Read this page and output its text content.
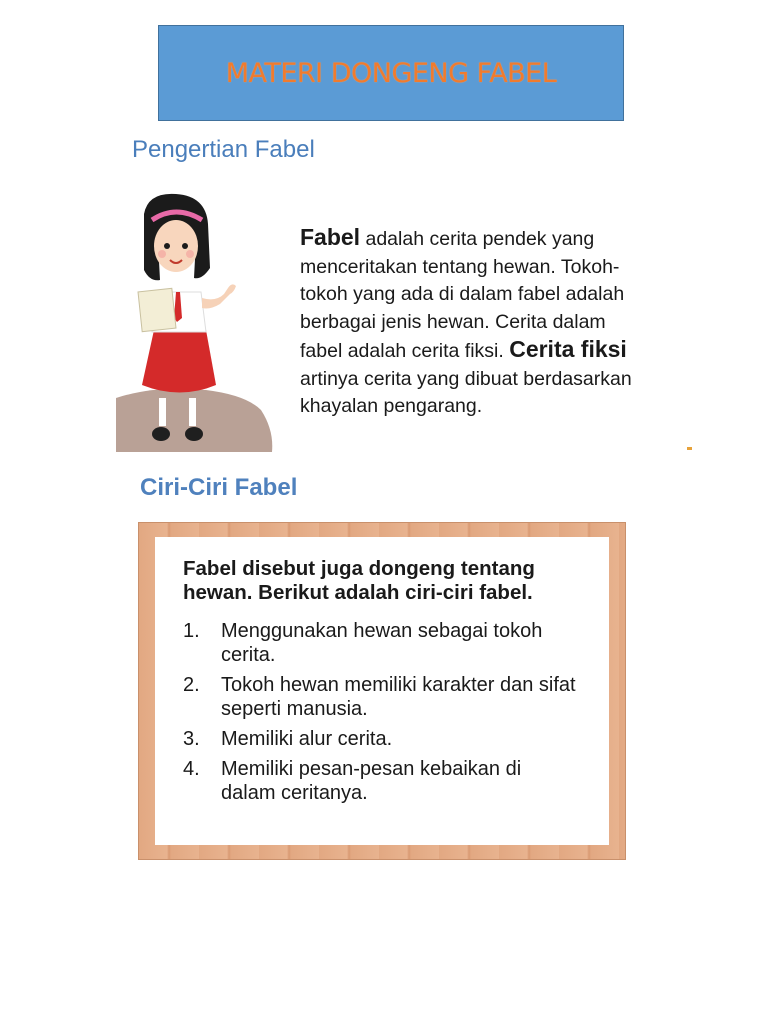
MATERI DONGENG FABEL
Pengertian Fabel

Fabel adalah cerita pendek yang menceritakan tentang hewan. Tokoh-tokoh yang ada di dalam fabel adalah berbagai jenis hewan. Cerita dalam fabel adalah cerita fiksi. Cerita fiksi artinya cerita yang dibuat berdasarkan khayalan pengarang.

Ciri-Ciri Fabel

Fabel disebut juga dongeng tentang hewan. Berikut adalah ciri-ciri fabel.

1.	Menggunakan hewan sebagai tokoh cerita.
2.	Tokoh hewan memiliki karakter dan sifat seperti manusia.
3.	Memiliki alur cerita.
4.	Memiliki pesan-pesan kebaikan di dalam ceritanya.
